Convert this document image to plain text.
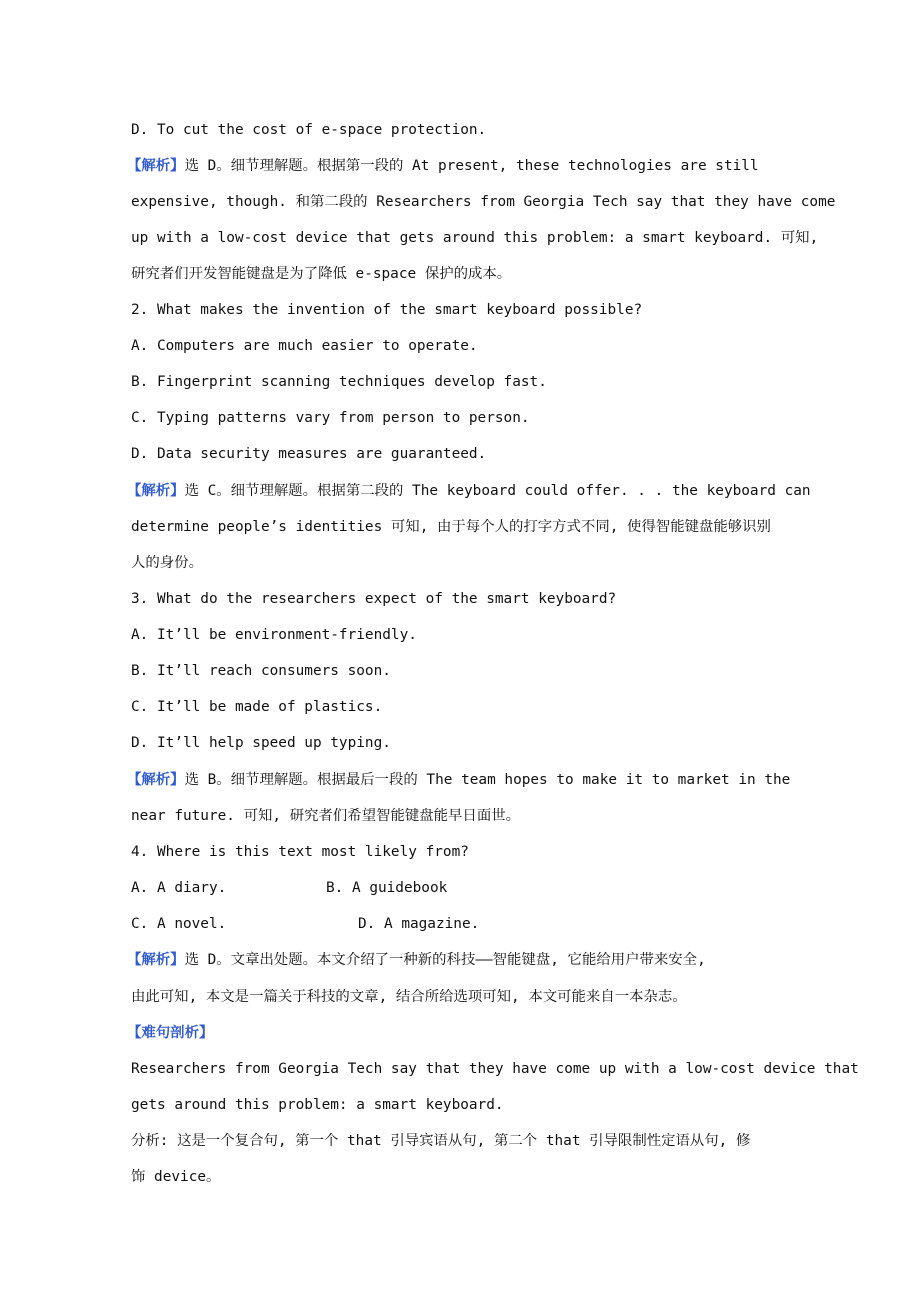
D. To cut the cost of e-space protection.
【解析】选 D。细节理解题。根据第一段的 At present, these technologies are still
expensive, though. 和第二段的 Researchers from Georgia Tech say that they have come
up with a low-cost device that gets around this problem: a smart keyboard. 可知,
研究者们开发智能键盘是为了降低 e-space 保护的成本。
2. What makes the invention of the smart keyboard possible?
A. Computers are much easier to operate.
B. Fingerprint scanning techniques develop fast.
C. Typing patterns vary from person to person.
D. Data security measures are guaranteed.
【解析】选 C。细节理解题。根据第二段的 The keyboard could offer. . . the keyboard can
determine people’s identities 可知, 由于每个人的打字方式不同, 使得智能键盘能够识别
人的身份。
3. What do the researchers expect of the smart keyboard?
A. It’ll be environment-friendly.
B. It’ll reach consumers soon.
C. It’ll be made of plastics.
D. It’ll help speed up typing.
【解析】选 B。细节理解题。根据最后一段的 The team hopes to make it to market in the
near future. 可知, 研究者们希望智能键盘能早日面世。
4. Where is this text most likely from?
A. A diary.	B. A guidebook
C. A novel.	D. A magazine.
【解析】选 D。文章出处题。本文介绍了一种新的科技——智能键盘, 它能给用户带来安全,
由此可知, 本文是一篇关于科技的文章, 结合所给选项可知, 本文可能来自一本杂志。
【难句剖析】
Researchers from Georgia Tech say that they have come up with a low-cost device that
gets around this problem: a smart keyboard.
分析: 这是一个复合句, 第一个 that 引导宾语从句, 第二个 that 引导限制性定语从句, 修
饰 device。
